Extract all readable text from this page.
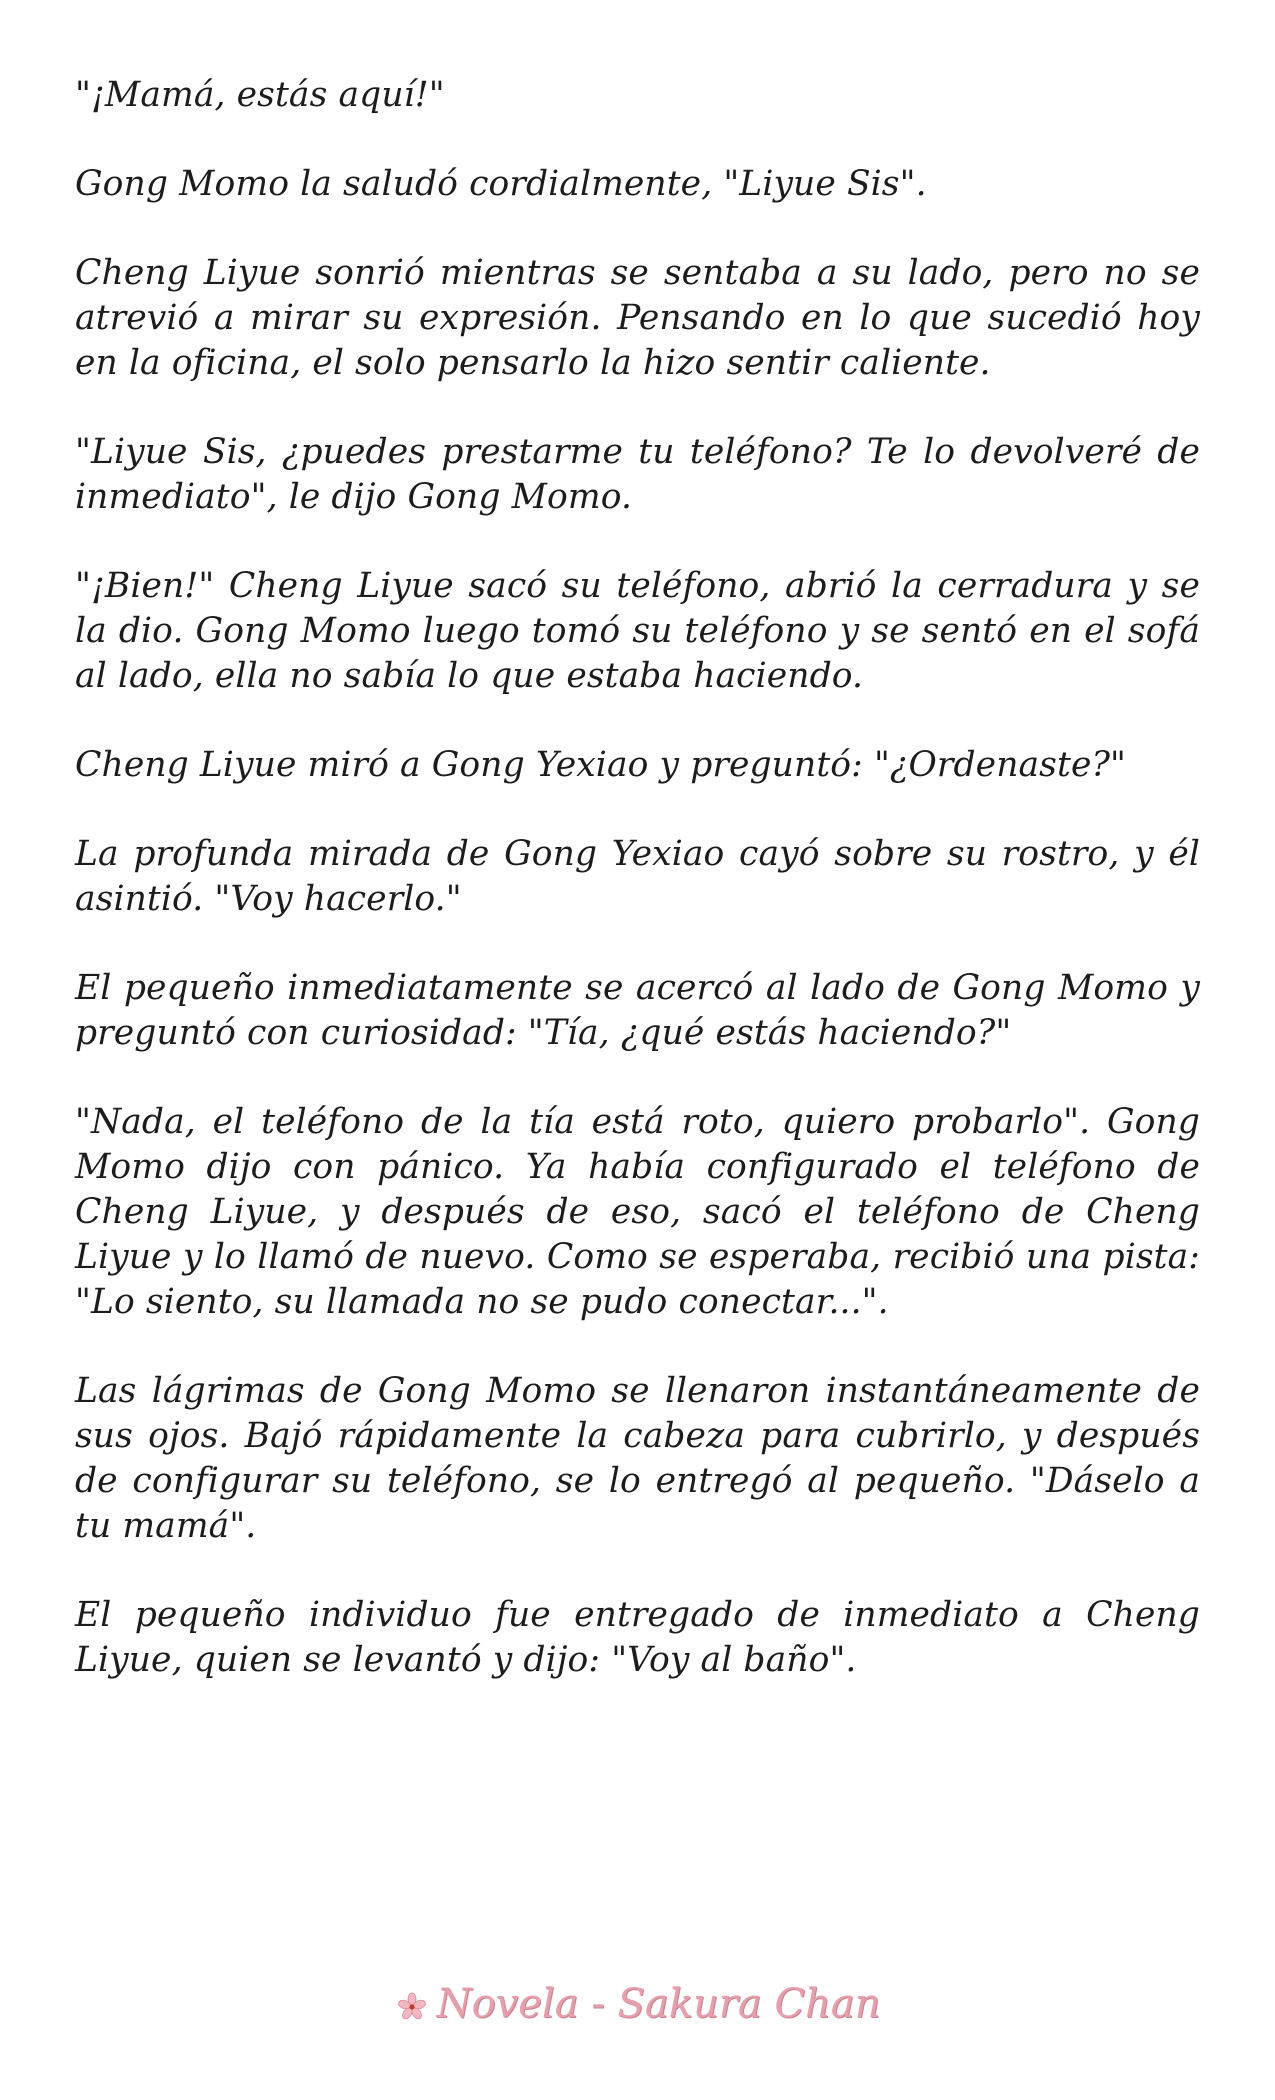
"¡Mamá, estás aquí!"

Gong Momo la saludó cordialmente, "Liyue Sis".

Cheng Liyue sonrió mientras se sentaba a su lado, pero no se atrevió a mirar su expresión. Pensando en lo que sucedió hoy en la oficina, el solo pensarlo la hizo sentir caliente.

"Liyue Sis, ¿puedes prestarme tu teléfono? Te lo devolveré de inmediato", le dijo Gong Momo.

"¡Bien!" Cheng Liyue sacó su teléfono, abrió la cerradura y se la dio. Gong Momo luego tomó su teléfono y se sentó en el sofá al lado, ella no sabía lo que estaba haciendo.

Cheng Liyue miró a Gong Yexiao y preguntó: "¿Ordenaste?"

La profunda mirada de Gong Yexiao cayó sobre su rostro, y él asintió. "Voy hacerlo."

El pequeño inmediatamente se acercó al lado de Gong Momo y preguntó con curiosidad: "Tía, ¿qué estás haciendo?"

"Nada, el teléfono de la tía está roto, quiero probarlo". Gong Momo dijo con pánico. Ya había configurado el teléfono de Cheng Liyue, y después de eso, sacó el teléfono de Cheng Liyue y lo llamó de nuevo. Como se esperaba, recibió una pista: "Lo siento, su llamada no se pudo conectar...".

Las lágrimas de Gong Momo se llenaron instantáneamente de sus ojos. Bajó rápidamente la cabeza para cubrirlo, y después de configurar su teléfono, se lo entregó al pequeño. "Dáselo a tu mamá".

El pequeño individuo fue entregado de inmediato a Cheng Liyue, quien se levantó y dijo: "Voy al baño".

Novela - Sakura Chan
